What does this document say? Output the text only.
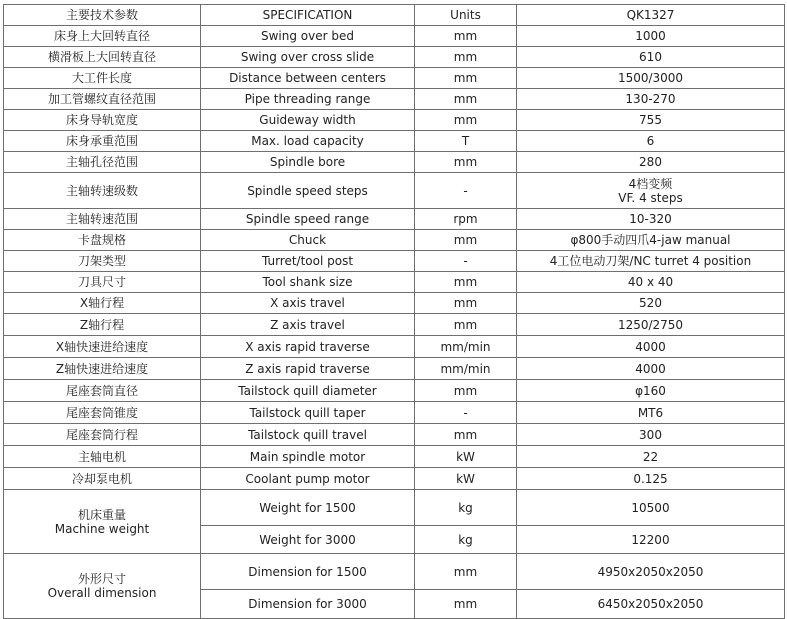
主要技术参数	SPECIFICATION	Units	QK1327
床身上大回转直径	Swing over bed	mm	1000
横滑板上大回转直径	Swing over cross slide	mm	610
大工件长度	Distance between centers	mm	1500/3000
加工管螺纹直径范围	Pipe threading range	mm	130-270
床身导轨宽度	Guideway width	mm	755
床身承重范围	Max. load capacity	T	6
主轴孔径范围	Spindle bore	mm	280
主轴转速级数	Spindle speed steps	-	4档变频
VF. 4 steps

主轴转速范围	Spindle speed range	rpm	10-320
卡盘规格	Chuck	mm	φ800手动四爪4-jaw manual
刀架类型	Turret/tool post	-	4工位电动刀架/NC turret 4 position
刀具尺寸	Tool shank size	mm	40 x 40
X轴行程	X axis travel	mm	520
Z轴行程	Z axis travel	mm	1250/2750
X轴快速进给速度	X axis rapid traverse	mm/min	4000
Z轴快速进给速度	Z axis rapid traverse	mm/min	4000
尾座套筒直径	Tailstock quill diameter	mm	φ160
尾座套筒锥度	Tailstock quill taper	-	MT6
尾座套筒行程	Tailstock quill travel	mm	300
主轴电机	Main spindle motor	kW	22
冷却泵电机	Coolant pump motor	kW	0.125

机床重量
Machine weight	Weight for 1500	kg	10500
	Weight for 3000	kg	12200

外形尺寸
Overall dimension	Dimension for 1500	mm	4950x2050x2050
	Dimension for 3000	mm	6450x2050x2050
